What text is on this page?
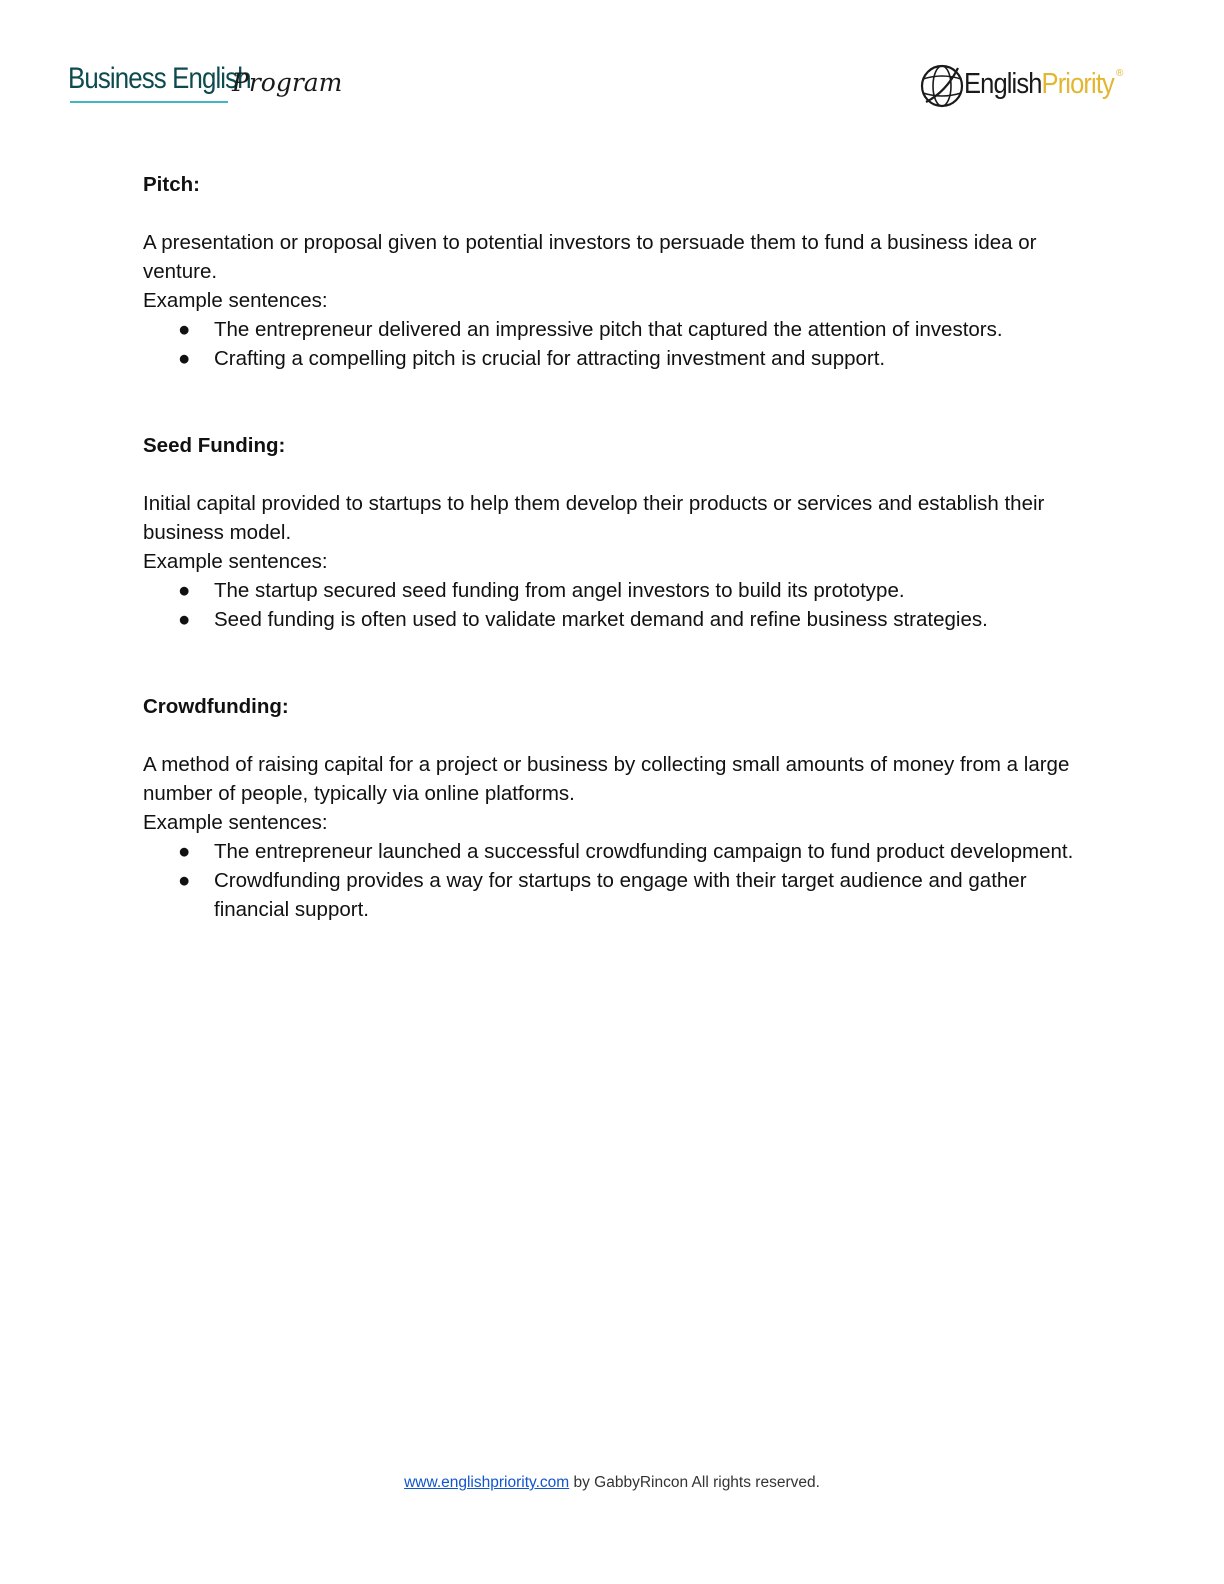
Business English
Program	EnglishPriority ®
Pitch:

A presentation or proposal given to potential investors to persuade them to fund a business idea or venture.

Example sentences:

● The entrepreneur delivered an impressive pitch that captured the attention of investors.
● Crafting a compelling pitch is crucial for attracting investment and support.
Seed Funding:

Initial capital provided to startups to help them develop their products or services and establish their business model.

Example sentences:

● The startup secured seed funding from angel investors to build its prototype.
● Seed funding is often used to validate market demand and refine business strategies.
Crowdfunding:

A method of raising capital for a project or business by collecting small amounts of money from a large number of people, typically via online platforms.

Example sentences:

● The entrepreneur launched a successful crowdfunding campaign to fund product development.
● Crowdfunding provides a way for startups to engage with their target audience and gather financial support.
www.englishpriority.com by GabbyRincon All rights reserved.
